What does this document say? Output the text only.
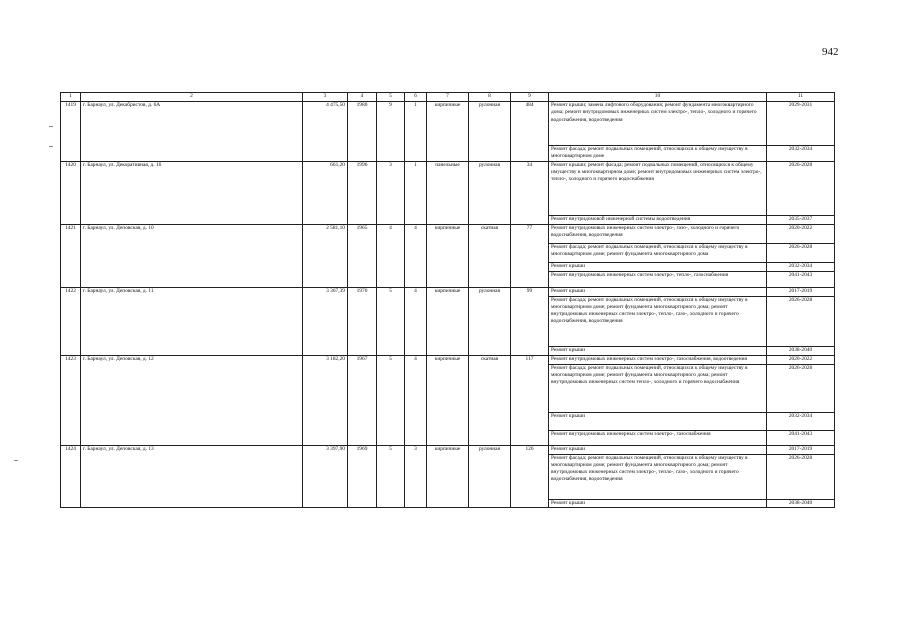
942
1	2	3	4	5	6	7	8	9	10	11
1419	г. Барнаул, ул. Декабристов, д. 6А	4 475,50	1980	9	1	кирпичные	рулонная	484	Ремонт крыши; замена лифтового оборудования; ремонт фундамента многоквартирного дома; ремонт внутридомовых инженерных систем электро-, тепло-, холодного и горячего водоснабжения, водоотведения	2029-2031
									Ремонт фасада; ремонт подвальных помещений, относящихся к общему имуществу в многоквартирном доме	2032-2034
1420	г. Барнаул, ул. Декоративная, д. 16	661,20	1996	3	1	панельные	рулонная	34	Ремонт крыши; ремонт фасада; ремонт подвальных помещений, относящихся к общему имуществу в многоквартирном доме; ремонт внутридомовых инженерных систем электро-, тепло-, холодного и горячего водоснабжения	2026-2028
									Ремонт внутридомовой инженерной системы водоотведения	2035-2037
1421	г. Барнаул, ул. Деповская, д. 10	2 581,10	1965	4	4	кирпичные	скатная	77	Ремонт внутридомовых инженерных систем электро-, газо-, холодного и горячего водоснабжения, водоотведения	2020-2022
									Ремонт фасада; ремонт подвальных помещений, относящихся к общему имуществу в многоквартирном доме; ремонт фундамента многоквартирного дома	2026-2028
									Ремонт крыши	2032-2034
									Ремонт внутридомовых инженерных систем электро-, тепло-, газоснабжения	2041-2043
1422	г. Барнаул, ул. Деповская, д. 11	3 367,39	1970	5	4	кирпичные	рулонная	99	Ремонт крыши	2017-2019
									Ремонт фасада; ремонт подвальных помещений, относящихся к общему имуществу в многоквартирном доме; ремонт фундамента многоквартирного дома; ремонт внутридомовых инженерных систем электро-, тепло-, газо-, холодного и горячего водоснабжения, водоотведения	2026-2028
									Ремонт крыши	2038-2040
1423	г. Барнаул, ул. Деповская, д. 12	3 182,20	1967	5	4	кирпичные	скатная	117	Ремонт внутридомовых инженерных систем электро-, газоснабжения, водоотведения	2020-2022
									Ремонт фасада; ремонт подвальных помещений, относящихся к общему имуществу в многоквартирном доме; ремонт фундамента многоквартирного дома; ремонт внутридомовых инженерных систем тепло-, холодного и горячего водоснабжения	2026-2028
									Ремонт крыши	2032-2034
									Ремонт внутридомовых инженерных систем электро-, газоснабжения	2041-2043
1424	г. Барнаул, ул. Деповская, д. 13	3 397,90	1969	5	3	кирпичные	рулонная	126	Ремонт крыши	2017-2019
									Ремонт фасада; ремонт подвальных помещений, относящихся к общему имуществу в многоквартирном доме; ремонт фундамента многоквартирного дома; ремонт внутридомовых инженерных систем электро-, тепло-, газо-, холодного и горячего водоснабжения, водоотведения	2026-2028
									Ремонт крыши	2038-2040
